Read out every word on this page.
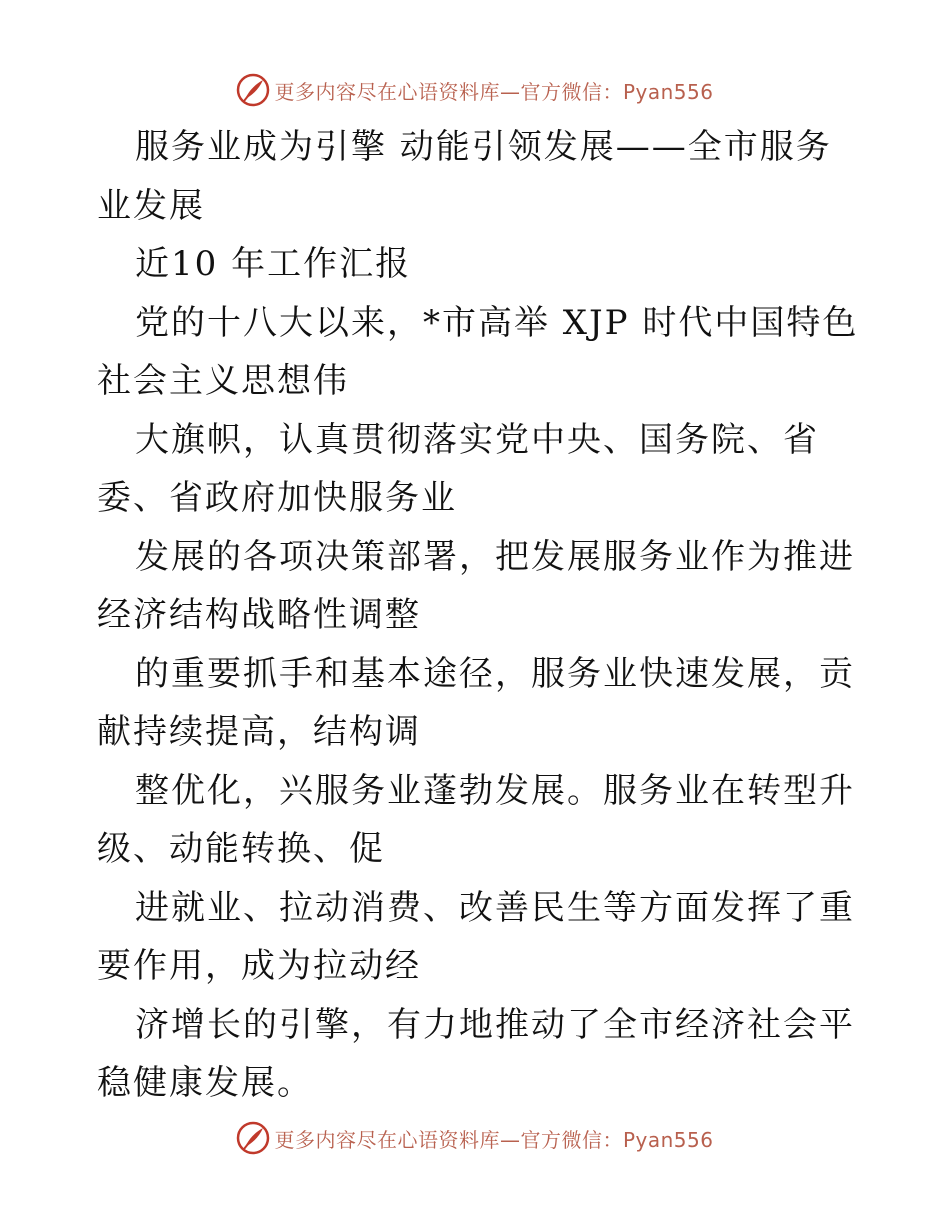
更多内容尽在心语资料库—官方微信：Pyan556

服务业成为引擎 动能引领发展——全市服务业发展

近10 年工作汇报

党的十八大以来，*市高举 XJP 时代中国特色社会主义思想伟

大旗帜，认真贯彻落实党中央、国务院、省委、省政府加快服务业

发展的各项决策部署，把发展服务业作为推进经济结构战略性调整

的重要抓手和基本途径，服务业快速发展，贡献持续提高，结构调

整优化，兴服务业蓬勃发展。服务业在转型升级、动能转换、促

进就业、拉动消费、改善民生等方面发挥了重要作用，成为拉动经

济增长的引擎，有力地推动了全市经济社会平稳健康发展。

更多内容尽在心语资料库—官方微信：Pyan556
